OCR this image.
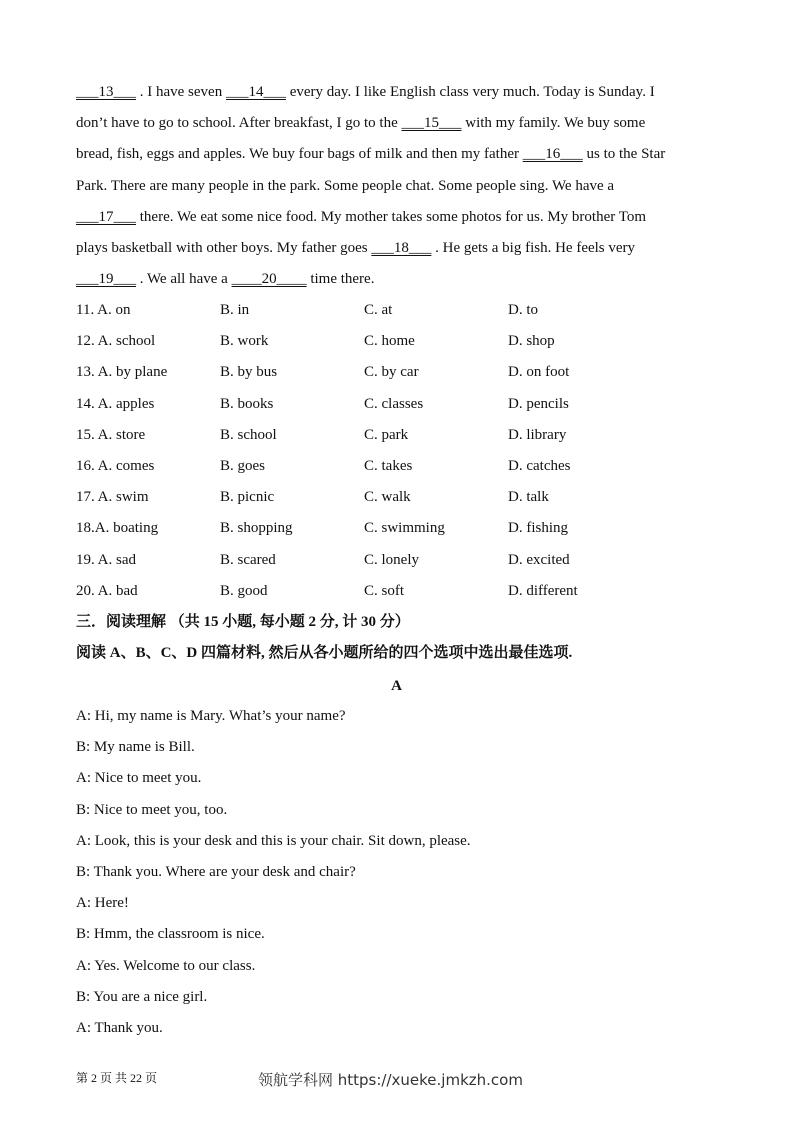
___13___ . I have seven ___14___ every day. I like English class very much. Today is Sunday. I
don’t have to go to school. After breakfast, I go to the ___15___ with my family. We buy some
bread, fish, eggs and apples. We buy four bags of milk and then my father ___16___ us to the Star
Park. There are many people in the park. Some people chat. Some people sing. We have a
___17___ there. We eat some nice food. My mother takes some photos for us. My brother Tom
plays basketball with other boys. My father goes ___18___ . He gets a big fish. He feels very
___19___ . We all have a ____20____ time there.
11. A. on	B. in	C. at	D. to
12. A. school	B. work	C. home	D. shop
13. A. by plane	B. by bus	C. by car	D. on foot
14. A. apples	B. books	C. classes	D. pencils
15. A. store	B. school	C. park	D. library
16. A. comes	B. goes	C. takes	D. catches
17. A. swim	B. picnic	C. walk	D. talk
18.A. boating	B. shopping	C. swimming	D. fishing
19. A. sad	B. scared	C. lonely	D. excited
20. A. bad	B. good	C. soft	D. different
三．阅读理解 （共 15 小题, 每小题 2 分, 计 30 分）
阅读 A、B、C、D 四篇材料, 然后从各小题所给的四个选项中选出最佳选项.
A
A: Hi, my name is Mary. What’s your name?
B: My name is Bill.
A: Nice to meet you.
B: Nice to meet you, too.
A: Look, this is your desk and this is your chair. Sit down, please.
B: Thank you. Where are your desk and chair?
A: Here!
B: Hmm, the classroom is nice.
A: Yes. Welcome to our class.
B: You are a nice girl.
A: Thank you.
第 2 页 共 22 页	领航学科网 https://xueke.jmkzh.com
